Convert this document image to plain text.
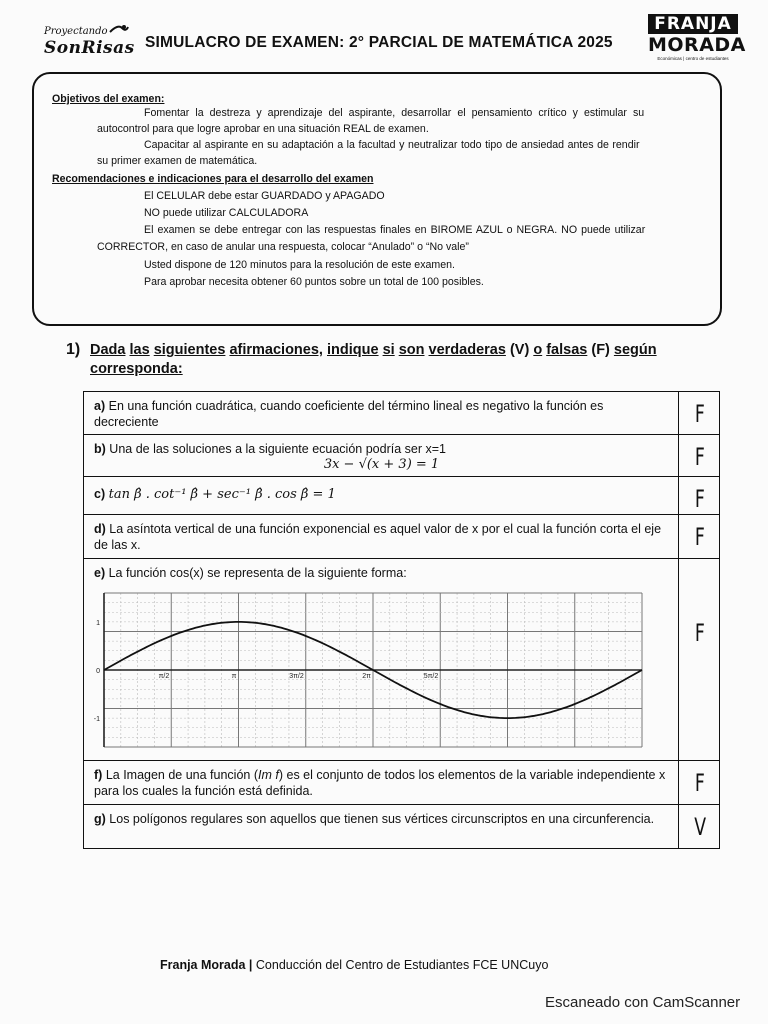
Proyectando
SonRisas SIMULACRO DE EXAMEN: 2° PARCIAL DE MATEMÁTICA 2025
FRANJA
MORADA
Económicas | centro de estudiantes
Objetivos del examen:
Fomentar la destreza y aprendizaje del aspirante, desarrollar el pensamiento crítico y estimular su
autocontrol para que logre aprobar en una situación REAL de examen.
Capacitar al aspirante en su adaptación a la facultad y neutralizar todo tipo de ansiedad antes de rendir
su primer examen de matemática.
Recomendaciones e indicaciones para el desarrollo del examen
El CELULAR debe estar GUARDADO y APAGADO
NO puede utilizar CALCULADORA
El examen se debe entregar con las respuestas finales en BIROME AZUL o NEGRA. NO puede utilizar
CORRECTOR, en caso de anular una respuesta, colocar “Anulado” o “No vale”
Usted dispone de 120 minutos para la resolución de este examen.
Para aprobar necesita obtener 60 puntos sobre un total de 100 posibles.
1) Dada las siguientes afirmaciones, indique si son verdaderas (V) o falsas (F) según
corresponda:
a) En una función cuadrática, cuando coeficiente del término lineal es negativo la función es decreciente	F
b) Una de las soluciones a la siguiente ecuación podría ser x=1
3x − √(x + 3) = 1	F
c) tan β̂ . cot⁻¹ β̂ + sec⁻¹ β̂ . cos β̂ = 1	F
d) La asíntota vertical de una función exponencial es aquel valor de x por el cual la función corta el eje de las x.	F
e) La función cos(x) se representa de la siguiente forma:
π/2	π	3π/2	2π	5π/2
1
0
-1
F
f) La Imagen de una función (Im f) es el conjunto de todos los elementos de la variable independiente x para los cuales la función está definida.	F
g) Los polígonos regulares son aquellos que tienen sus vértices circunscriptos en una circunferencia.	V
Franja Morada | Conducción del Centro de Estudiantes FCE UNCuyo
Escaneado con CamScanner
